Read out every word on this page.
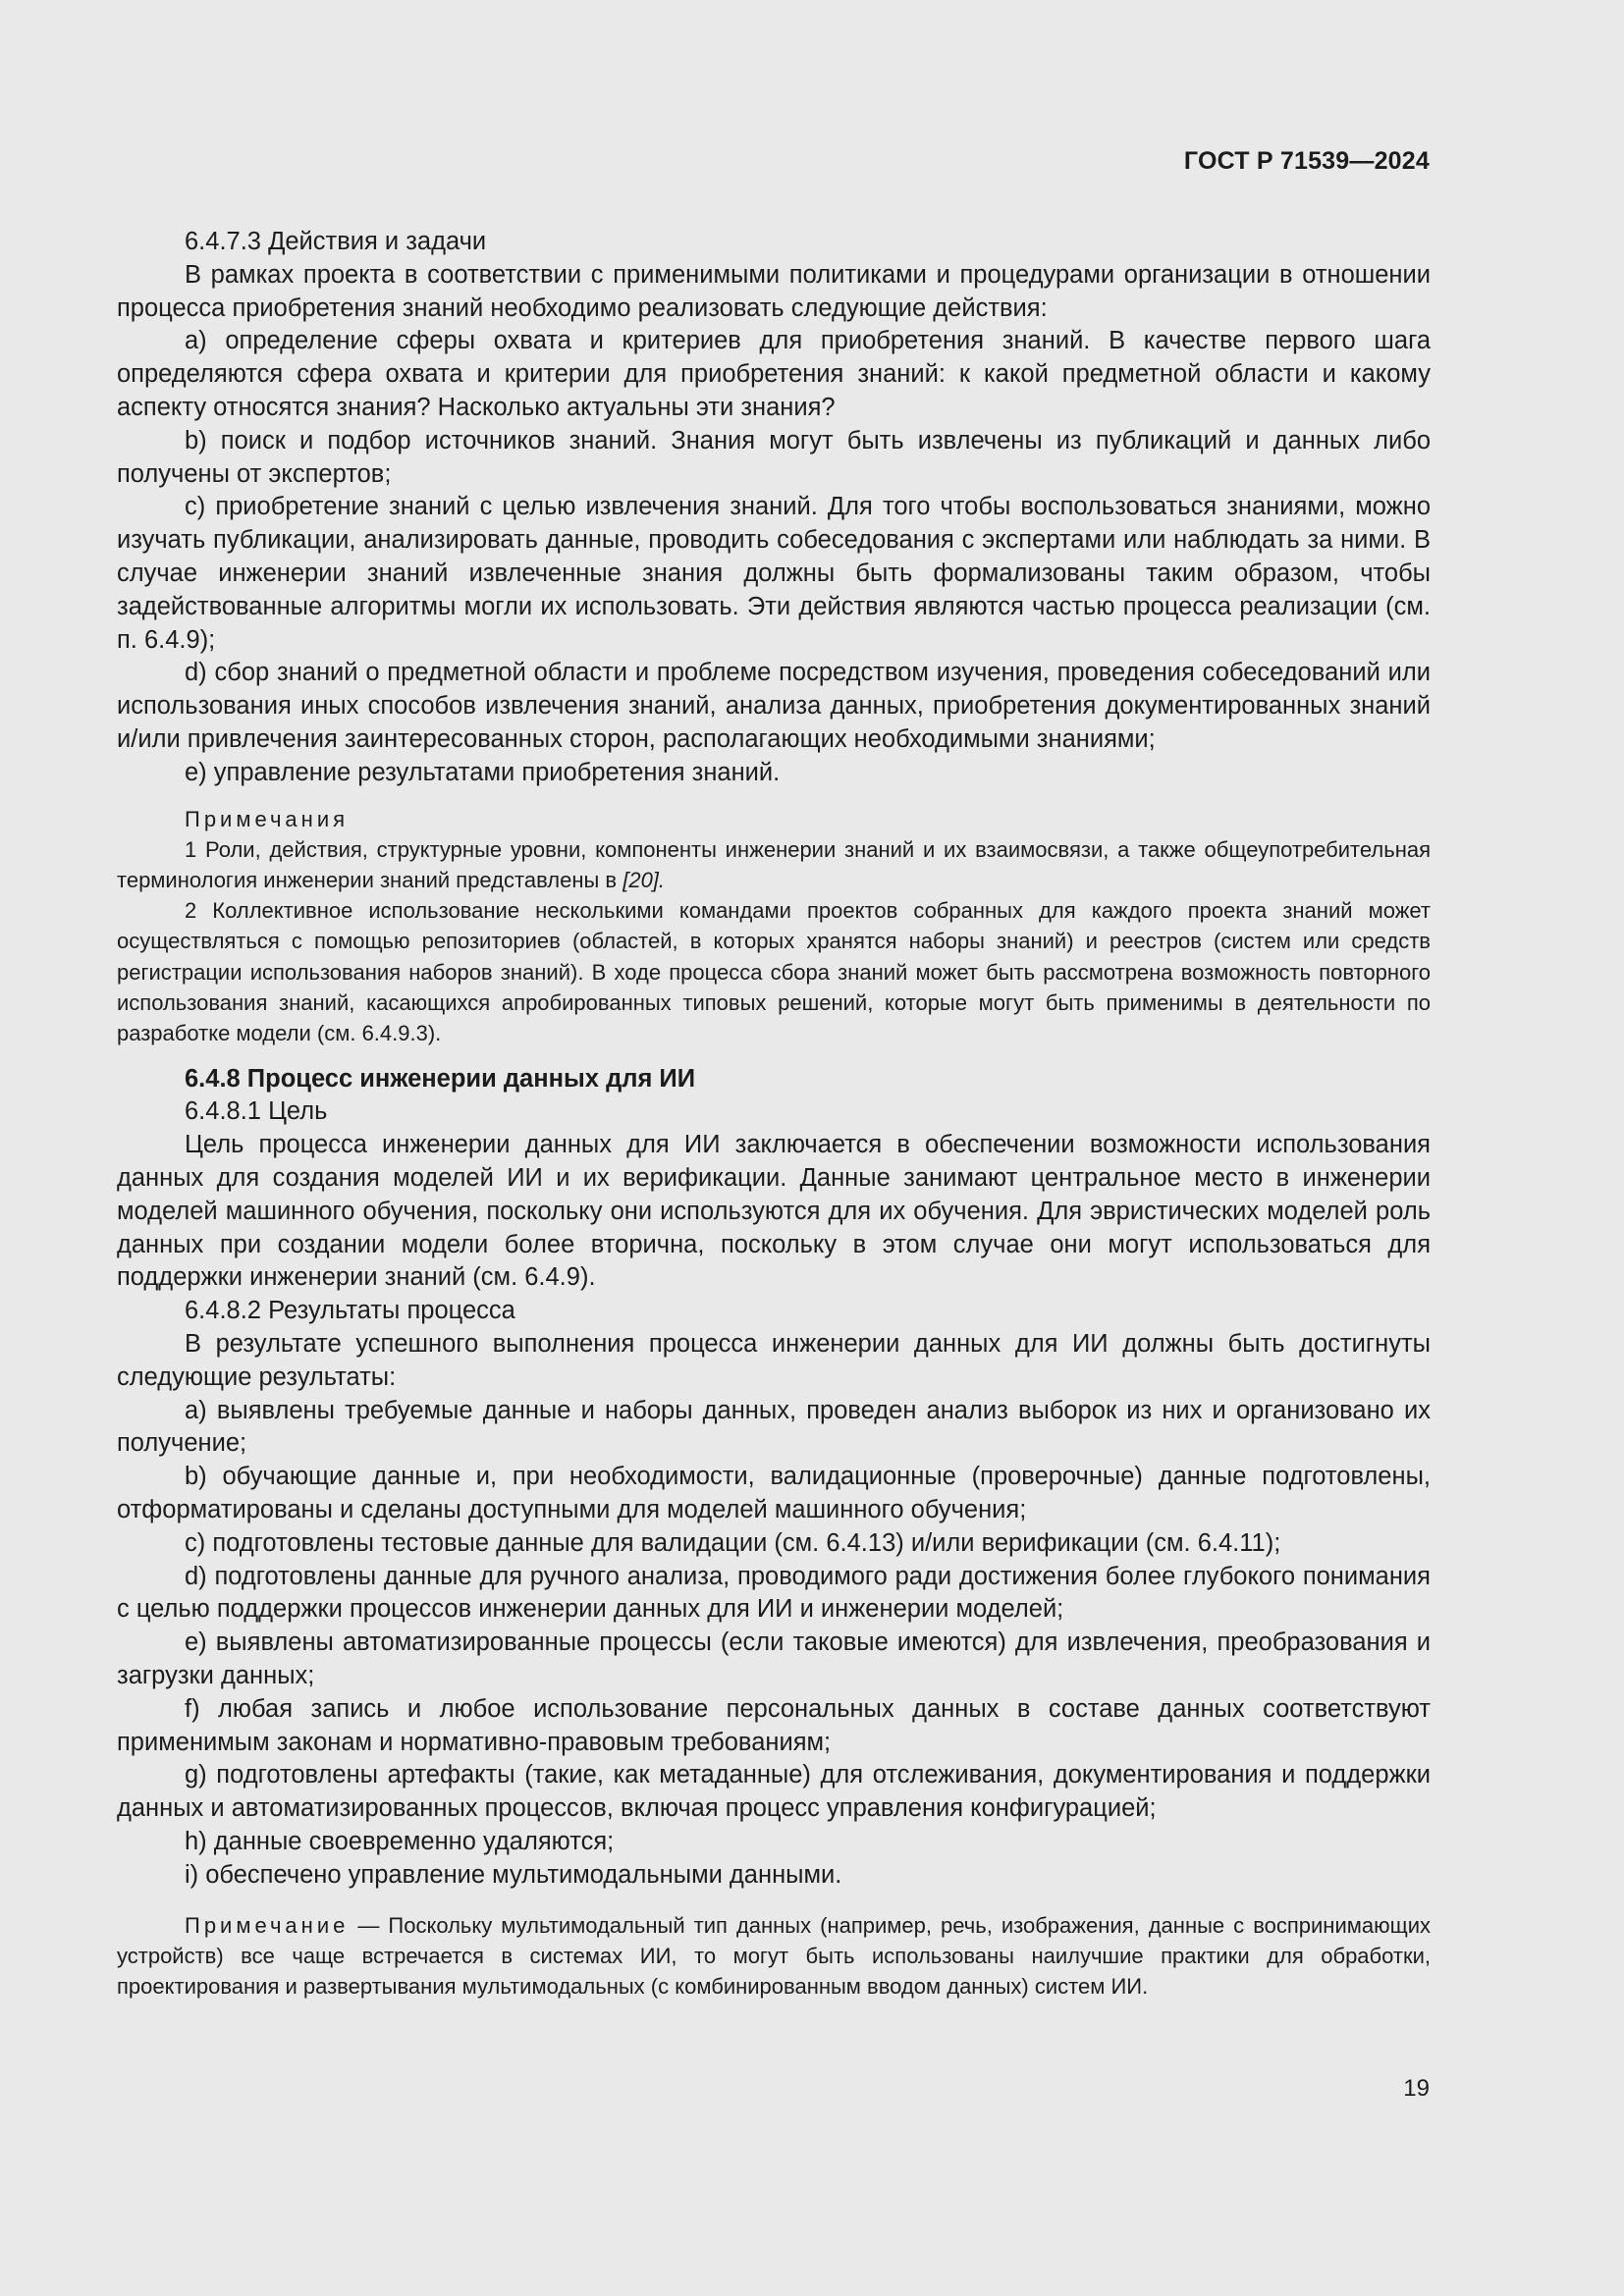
ГОСТ Р 71539—2024

6.4.7.3 Действия и задачи

В рамках проекта в соответствии с применимыми политиками и процедурами организации в отношении процесса приобретения знаний необходимо реализовать следующие действия:

a) определение сферы охвата и критериев для приобретения знаний. В качестве первого шага определяются сфера охвата и критерии для приобретения знаний: к какой предметной области и какому аспекту относятся знания? Насколько актуальны эти знания?

b) поиск и подбор источников знаний. Знания могут быть извлечены из публикаций и данных либо получены от экспертов;

c) приобретение знаний с целью извлечения знаний. Для того чтобы воспользоваться знаниями, можно изучать публикации, анализировать данные, проводить собеседования с экспертами или наблюдать за ними. В случае инженерии знаний извлеченные знания должны быть формализованы таким образом, чтобы задействованные алгоритмы могли их использовать. Эти действия являются частью процесса реализации (см. п. 6.4.9);

d) сбор знаний о предметной области и проблеме посредством изучения, проведения собеседований или использования иных способов извлечения знаний, анализа данных, приобретения документированных знаний и/или привлечения заинтересованных сторон, располагающих необходимыми знаниями;

e) управление результатами приобретения знаний.

Примечания

1 Роли, действия, структурные уровни, компоненты инженерии знаний и их взаимосвязи, а также общеупотребительная терминология инженерии знаний представлены в [20].

2 Коллективное использование несколькими командами проектов собранных для каждого проекта знаний может осуществляться с помощью репозиториев (областей, в которых хранятся наборы знаний) и реестров (систем или средств регистрации использования наборов знаний). В ходе процесса сбора знаний может быть рассмотрена возможность повторного использования знаний, касающихся апробированных типовых решений, которые могут быть применимы в деятельности по разработке модели (см. 6.4.9.3).

6.4.8 Процесс инженерии данных для ИИ

6.4.8.1 Цель

Цель процесса инженерии данных для ИИ заключается в обеспечении возможности использования данных для создания моделей ИИ и их верификации. Данные занимают центральное место в инженерии моделей машинного обучения, поскольку они используются для их обучения. Для эвристических моделей роль данных при создании модели более вторична, поскольку в этом случае они могут использоваться для поддержки инженерии знаний (см. 6.4.9).

6.4.8.2 Результаты процесса

В результате успешного выполнения процесса инженерии данных для ИИ должны быть достигнуты следующие результаты:

a) выявлены требуемые данные и наборы данных, проведен анализ выборок из них и организовано их получение;

b) обучающие данные и, при необходимости, валидационные (проверочные) данные подготовлены, отформатированы и сделаны доступными для моделей машинного обучения;

c) подготовлены тестовые данные для валидации (см. 6.4.13) и/или верификации (см. 6.4.11);

d) подготовлены данные для ручного анализа, проводимого ради достижения более глубокого понимания с целью поддержки процессов инженерии данных для ИИ и инженерии моделей;

e) выявлены автоматизированные процессы (если таковые имеются) для извлечения, преобразования и загрузки данных;

f) любая запись и любое использование персональных данных в составе данных соответствуют применимым законам и нормативно-правовым требованиям;

g) подготовлены артефакты (такие, как метаданные) для отслеживания, документирования и поддержки данных и автоматизированных процессов, включая процесс управления конфигурацией;

h) данные своевременно удаляются;

i) обеспечено управление мультимодальными данными.

Примечание — Поскольку мультимодальный тип данных (например, речь, изображения, данные с воспринимающих устройств) все чаще встречается в системах ИИ, то могут быть использованы наилучшие практики для обработки, проектирования и развертывания мультимодальных (с комбинированным вводом данных) систем ИИ.

19
